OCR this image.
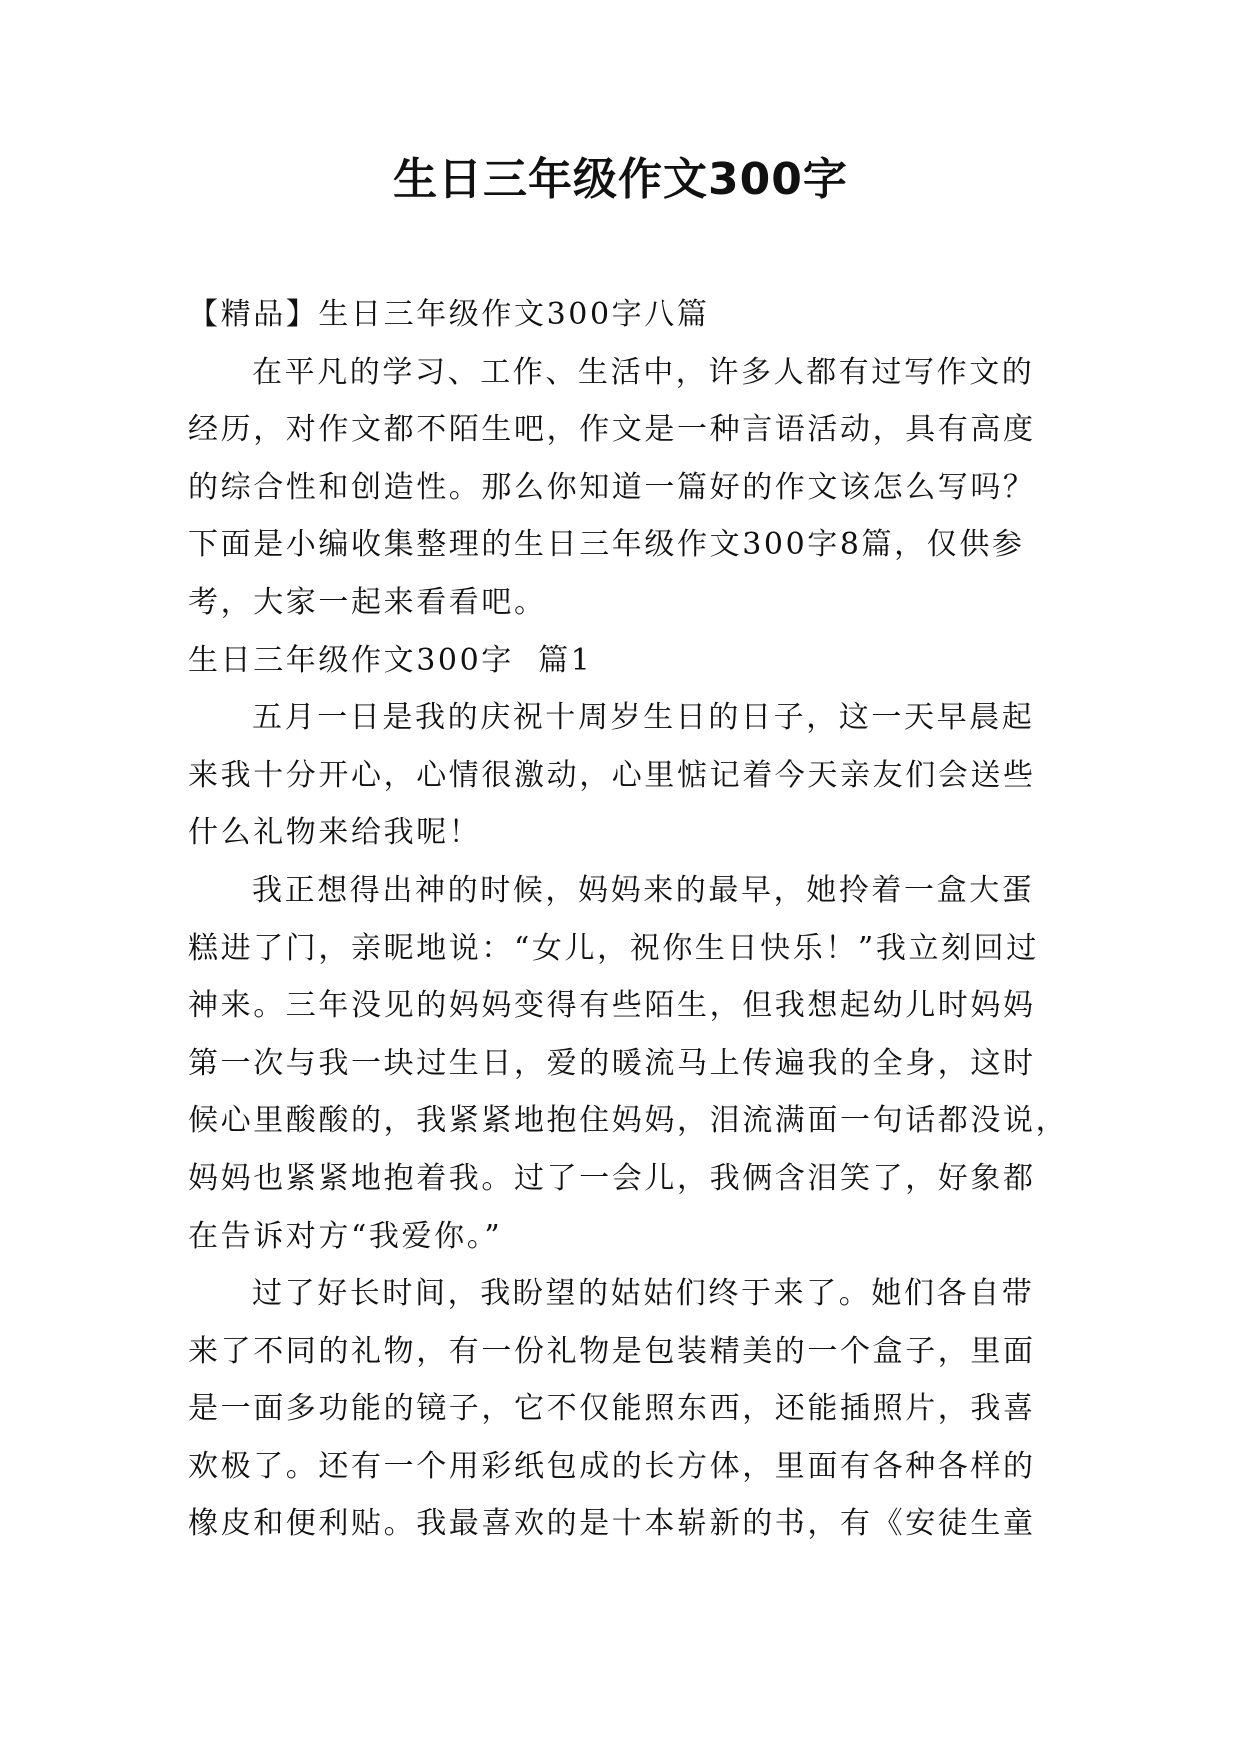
生日三年级作文300字

【精品】生日三年级作文300字八篇

在平凡的学习、工作、生活中，许多人都有过写作文的
经历，对作文都不陌生吧，作文是一种言语活动，具有高度
的综合性和创造性。那么你知道一篇好的作文该怎么写吗？
下面是小编收集整理的生日三年级作文300字8篇，仅供参
考，大家一起来看看吧。

生日三年级作文300字  篇1

五月一日是我的庆祝十周岁生日的日子，这一天早晨起
来我十分开心，心情很激动，心里惦记着今天亲友们会送些
什么礼物来给我呢！

我正想得出神的时候，妈妈来的最早，她拎着一盒大蛋
糕进了门，亲昵地说：“女儿，祝你生日快乐！”我立刻回过
神来。三年没见的妈妈变得有些陌生，但我想起幼儿时妈妈
第一次与我一块过生日，爱的暖流马上传遍我的全身，这时
候心里酸酸的，我紧紧地抱住妈妈，泪流满面一句话都没说，
妈妈也紧紧地抱着我。过了一会儿，我俩含泪笑了，好象都
在告诉对方“我爱你。”

过了好长时间，我盼望的姑姑们终于来了。她们各自带
来了不同的礼物，有一份礼物是包装精美的一个盒子，里面
是一面多功能的镜子，它不仅能照东西，还能插照片，我喜
欢极了。还有一个用彩纸包成的长方体，里面有各种各样的
橡皮和便利贴。我最喜欢的是十本崭新的书，有《安徒生童
